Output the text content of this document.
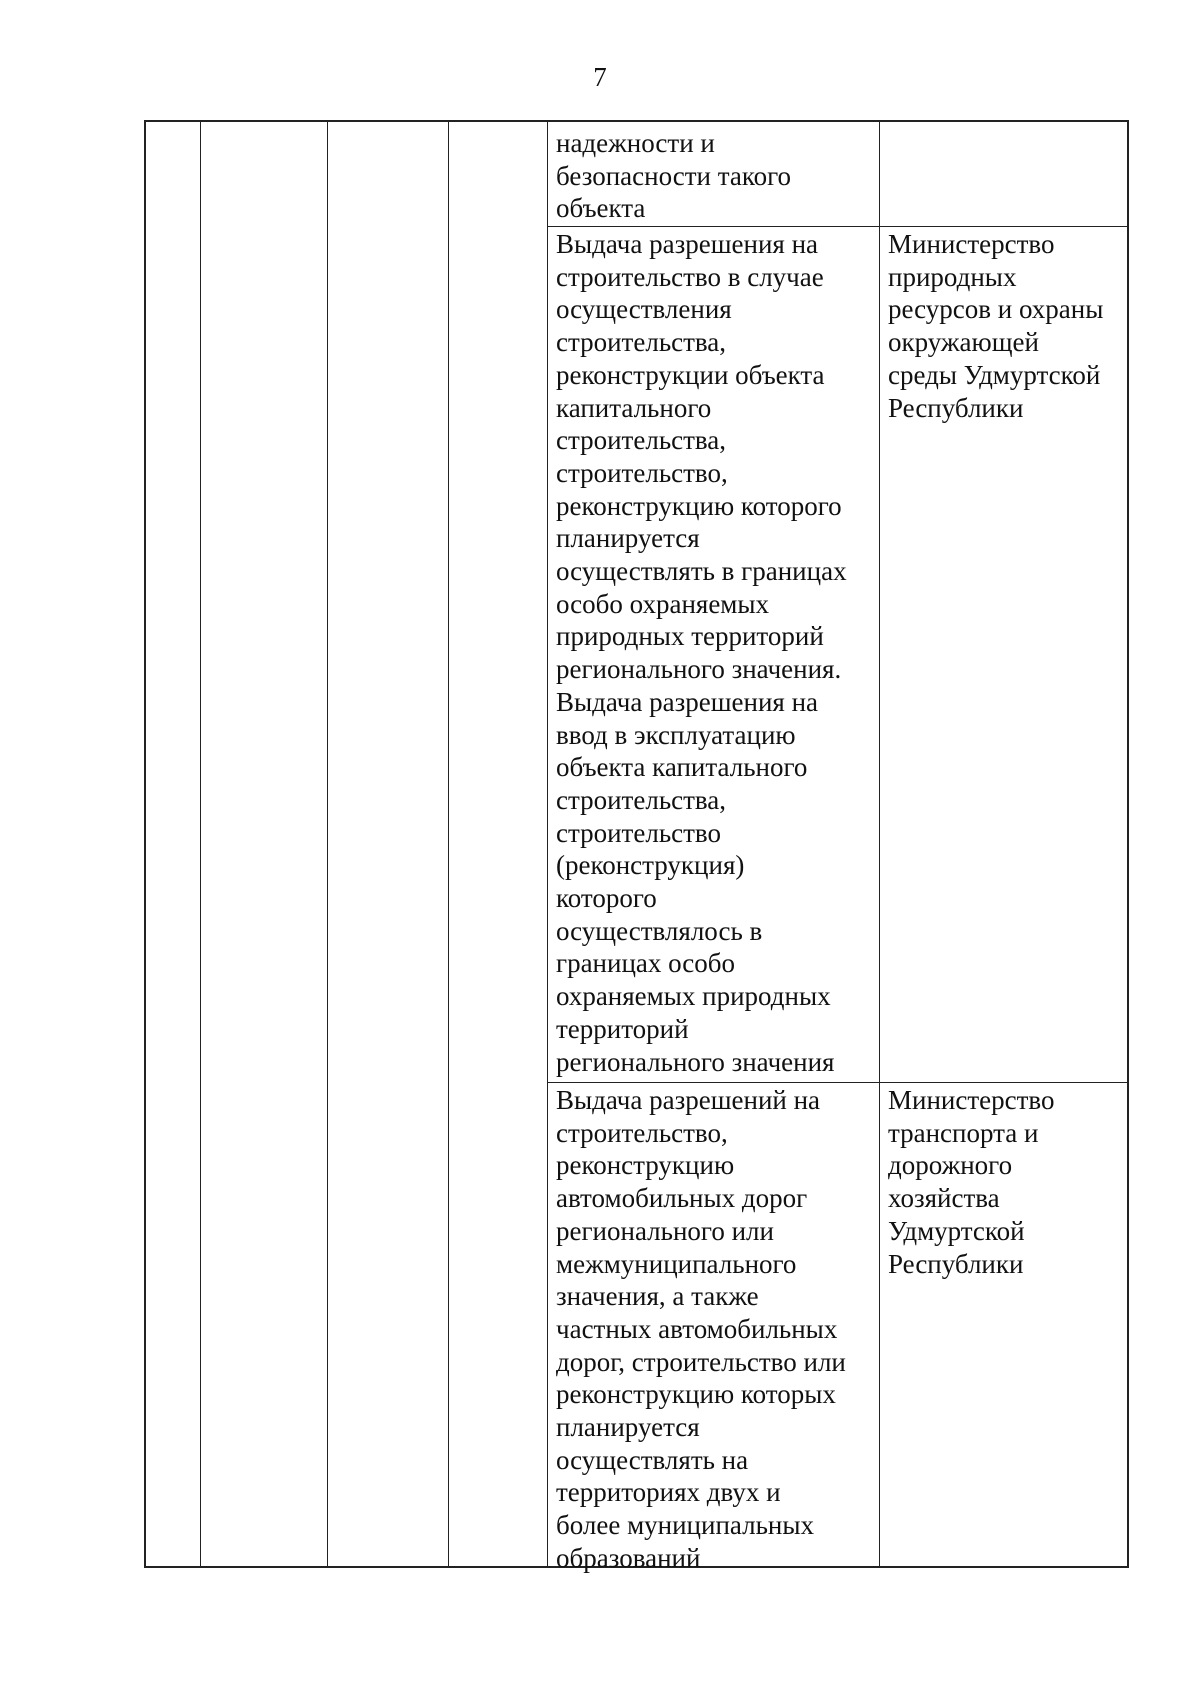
7
надежности и
безопасности такого
объекта
Выдача разрешения на
строительство в случае
осуществления
строительства,
реконструкции объекта
капитального
строительства,
строительство,
реконструкцию которого
планируется
осуществлять в границах
особо охраняемых
природных территорий
регионального значения.
Выдача разрешения на
ввод в эксплуатацию
объекта капитального
строительства,
строительство
(реконструкция)
которого
осуществлялось в
границах особо
охраняемых природных
территорий
регионального значения
Министерство
природных
ресурсов и охраны
окружающей
среды Удмуртской
Республики
Выдача разрешений на
строительство,
реконструкцию
автомобильных дорог
регионального или
межмуниципального
значения, а также
частных автомобильных
дорог, строительство или
реконструкцию которых
планируется
осуществлять на
территориях двух и
более муниципальных
образований
Министерство
транспорта и
дорожного
хозяйства
Удмуртской
Республики
